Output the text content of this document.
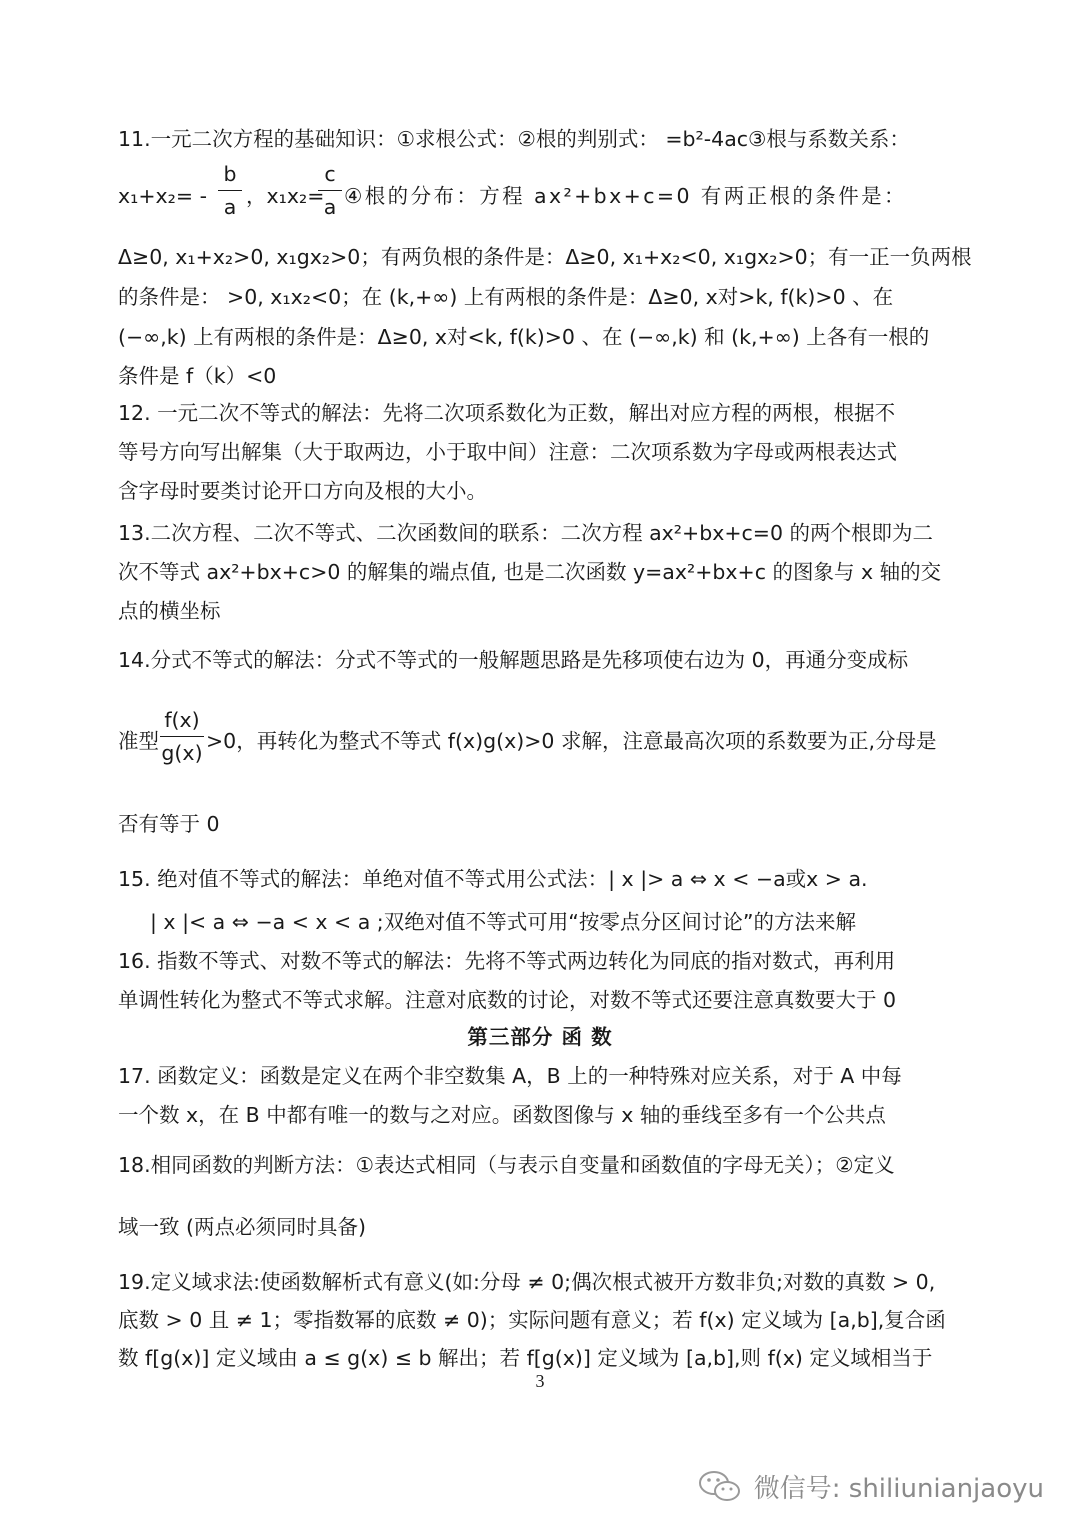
11.一元二次方程的基础知识：①求根公式：②根的判别式： =b²-4ac③根与系数关系：
x₁+x₂= -
b
a ，x₁x₂=
c
a ④根的分布：方程 ax²+bx+c=0 有两正根的条件是：
Δ≥0, x₁+x₂>0, x₁gx₂>0；有两负根的条件是：Δ≥0, x₁+x₂<0, x₁gx₂>0；有一正一负两根
的条件是： >0, x₁x₂<0；在 (k,+∞) 上有两根的条件是：Δ≥0, x对>k, f(k)>0 、在
(−∞,k) 上有两根的条件是：Δ≥0, x对<k, f(k)>0 、在 (−∞,k) 和 (k,+∞) 上各有一根的
条件是 f（k）<0
12. 一元二次不等式的解法：先将二次项系数化为正数，解出对应方程的两根，根据不
等号方向写出解集（大于取两边，小于取中间）注意：二次项系数为字母或两根表达式
含字母时要类讨论开口方向及根的大小。
13.二次方程、二次不等式、二次函数间的联系：二次方程 ax²+bx+c=0 的两个根即为二
次不等式 ax²+bx+c>0 的解集的端点值, 也是二次函数 y=ax²+bx+c 的图象与 x 轴的交
点的横坐标
14.分式不等式的解法：分式不等式的一般解题思路是先移项使右边为 0，再通分变成标
准型
f(x)
g(x) >0，再转化为整式不等式 f(x)g(x)>0 求解，注意最高次项的系数要为正,分母是
否有等于 0
15. 绝对值不等式的解法：单绝对值不等式用公式法：| x |> a ⇔ x < −a或x > a.
| x |< a ⇔ −a < x < a ;双绝对值不等式可用“按零点分区间讨论”的方法来解
16. 指数不等式、对数不等式的解法：先将不等式两边转化为同底的指对数式，再利用
单调性转化为整式不等式求解。注意对底数的讨论，对数不等式还要注意真数要大于 0
第三部分 函 数
17. 函数定义：函数是定义在两个非空数集 A，B 上的一种特殊对应关系，对于 A 中每
一个数 x，在 B 中都有唯一的数与之对应。函数图像与 x 轴的垂线至多有一个公共点
18.相同函数的判断方法：①表达式相同（与表示自变量和函数值的字母无关）；②定义
域一致 (两点必须同时具备)
19.定义域求法:使函数解析式有意义(如:分母 ≠ 0;偶次根式被开方数非负;对数的真数 > 0,
底数 > 0 且 ≠ 1；零指数幂的底数 ≠ 0)；实际问题有意义；若 f(x) 定义域为 [a,b],复合函
数 f[g(x)] 定义域由 a ≤ g(x) ≤ b 解出；若 f[g(x)] 定义域为 [a,b],则 f(x) 定义域相当于
3
微信号: shiliunianjaoyu
